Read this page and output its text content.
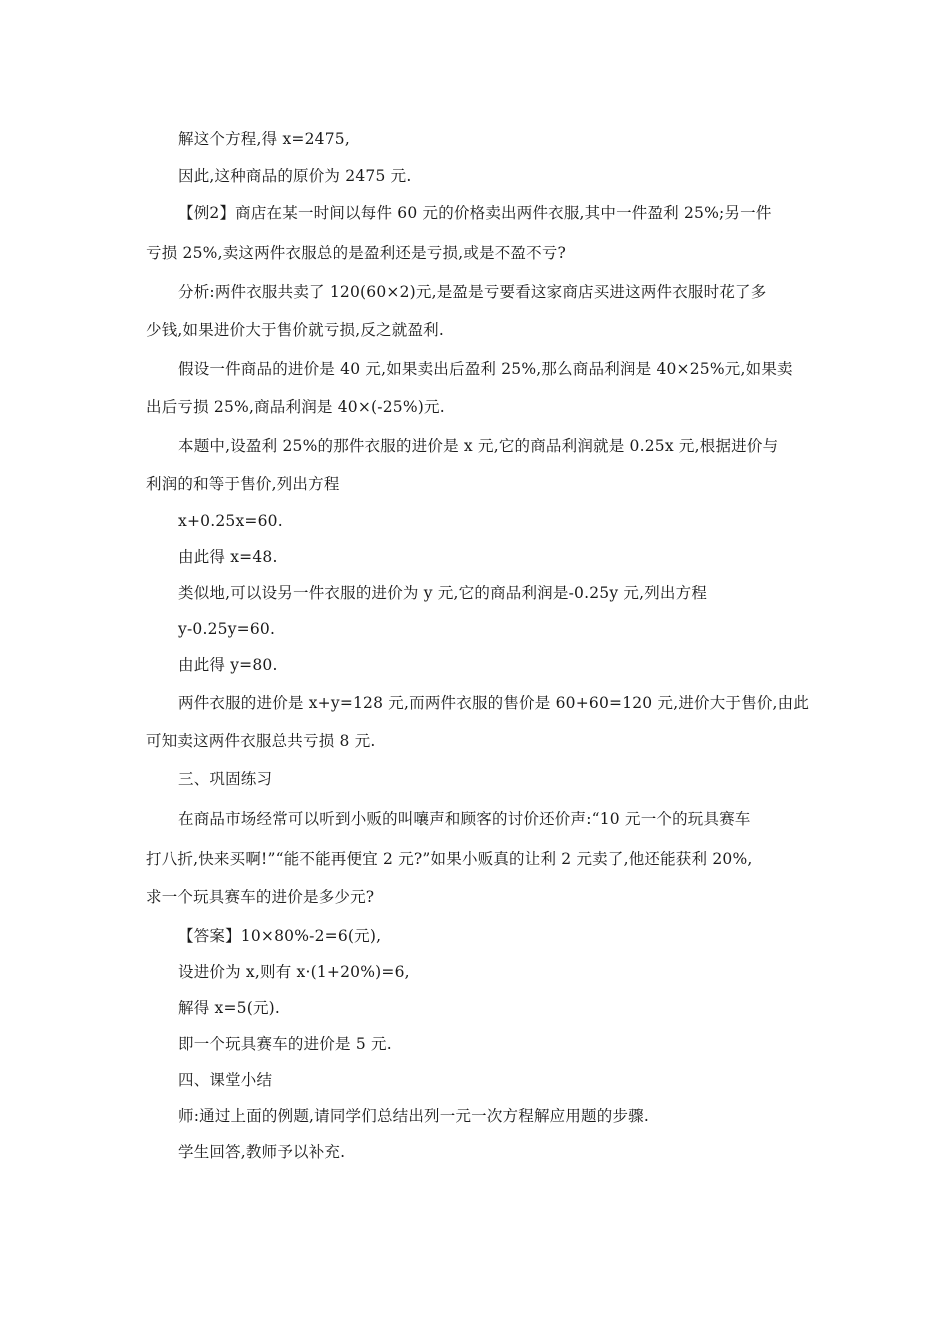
解这个方程,得 x=2475,
因此,这种商品的原价为 2475 元.
【例2】商店在某一时间以每件 60 元的价格卖出两件衣服,其中一件盈利 25%;另一件
亏损 25%,卖这两件衣服总的是盈利还是亏损,或是不盈不亏?
分析:两件衣服共卖了 120(60×2)元,是盈是亏要看这家商店买进这两件衣服时花了多
少钱,如果进价大于售价就亏损,反之就盈利.
假设一件商品的进价是 40 元,如果卖出后盈利 25%,那么商品利润是 40×25%元,如果卖
出后亏损 25%,商品利润是 40×(-25%)元.
本题中,设盈利 25%的那件衣服的进价是 x 元,它的商品利润就是 0.25x 元,根据进价与
利润的和等于售价,列出方程
x+0.25x=60.
由此得 x=48.
类似地,可以设另一件衣服的进价为 y 元,它的商品利润是-0.25y 元,列出方程
y-0.25y=60.
由此得 y=80.
两件衣服的进价是 x+y=128 元,而两件衣服的售价是 60+60=120 元,进价大于售价,由此
可知卖这两件衣服总共亏损 8 元.
三、巩固练习
在商品市场经常可以听到小贩的叫嚷声和顾客的讨价还价声:“10 元一个的玩具赛车
打八折,快来买啊!”“能不能再便宜 2 元?”如果小贩真的让利 2 元卖了,他还能获利 20%,
求一个玩具赛车的进价是多少元?
【答案】10×80%-2=6(元),
设进价为 x,则有 x·(1+20%)=6,
解得 x=5(元).
即一个玩具赛车的进价是 5 元.
四、课堂小结
师:通过上面的例题,请同学们总结出列一元一次方程解应用题的步骤.
学生回答,教师予以补充.
